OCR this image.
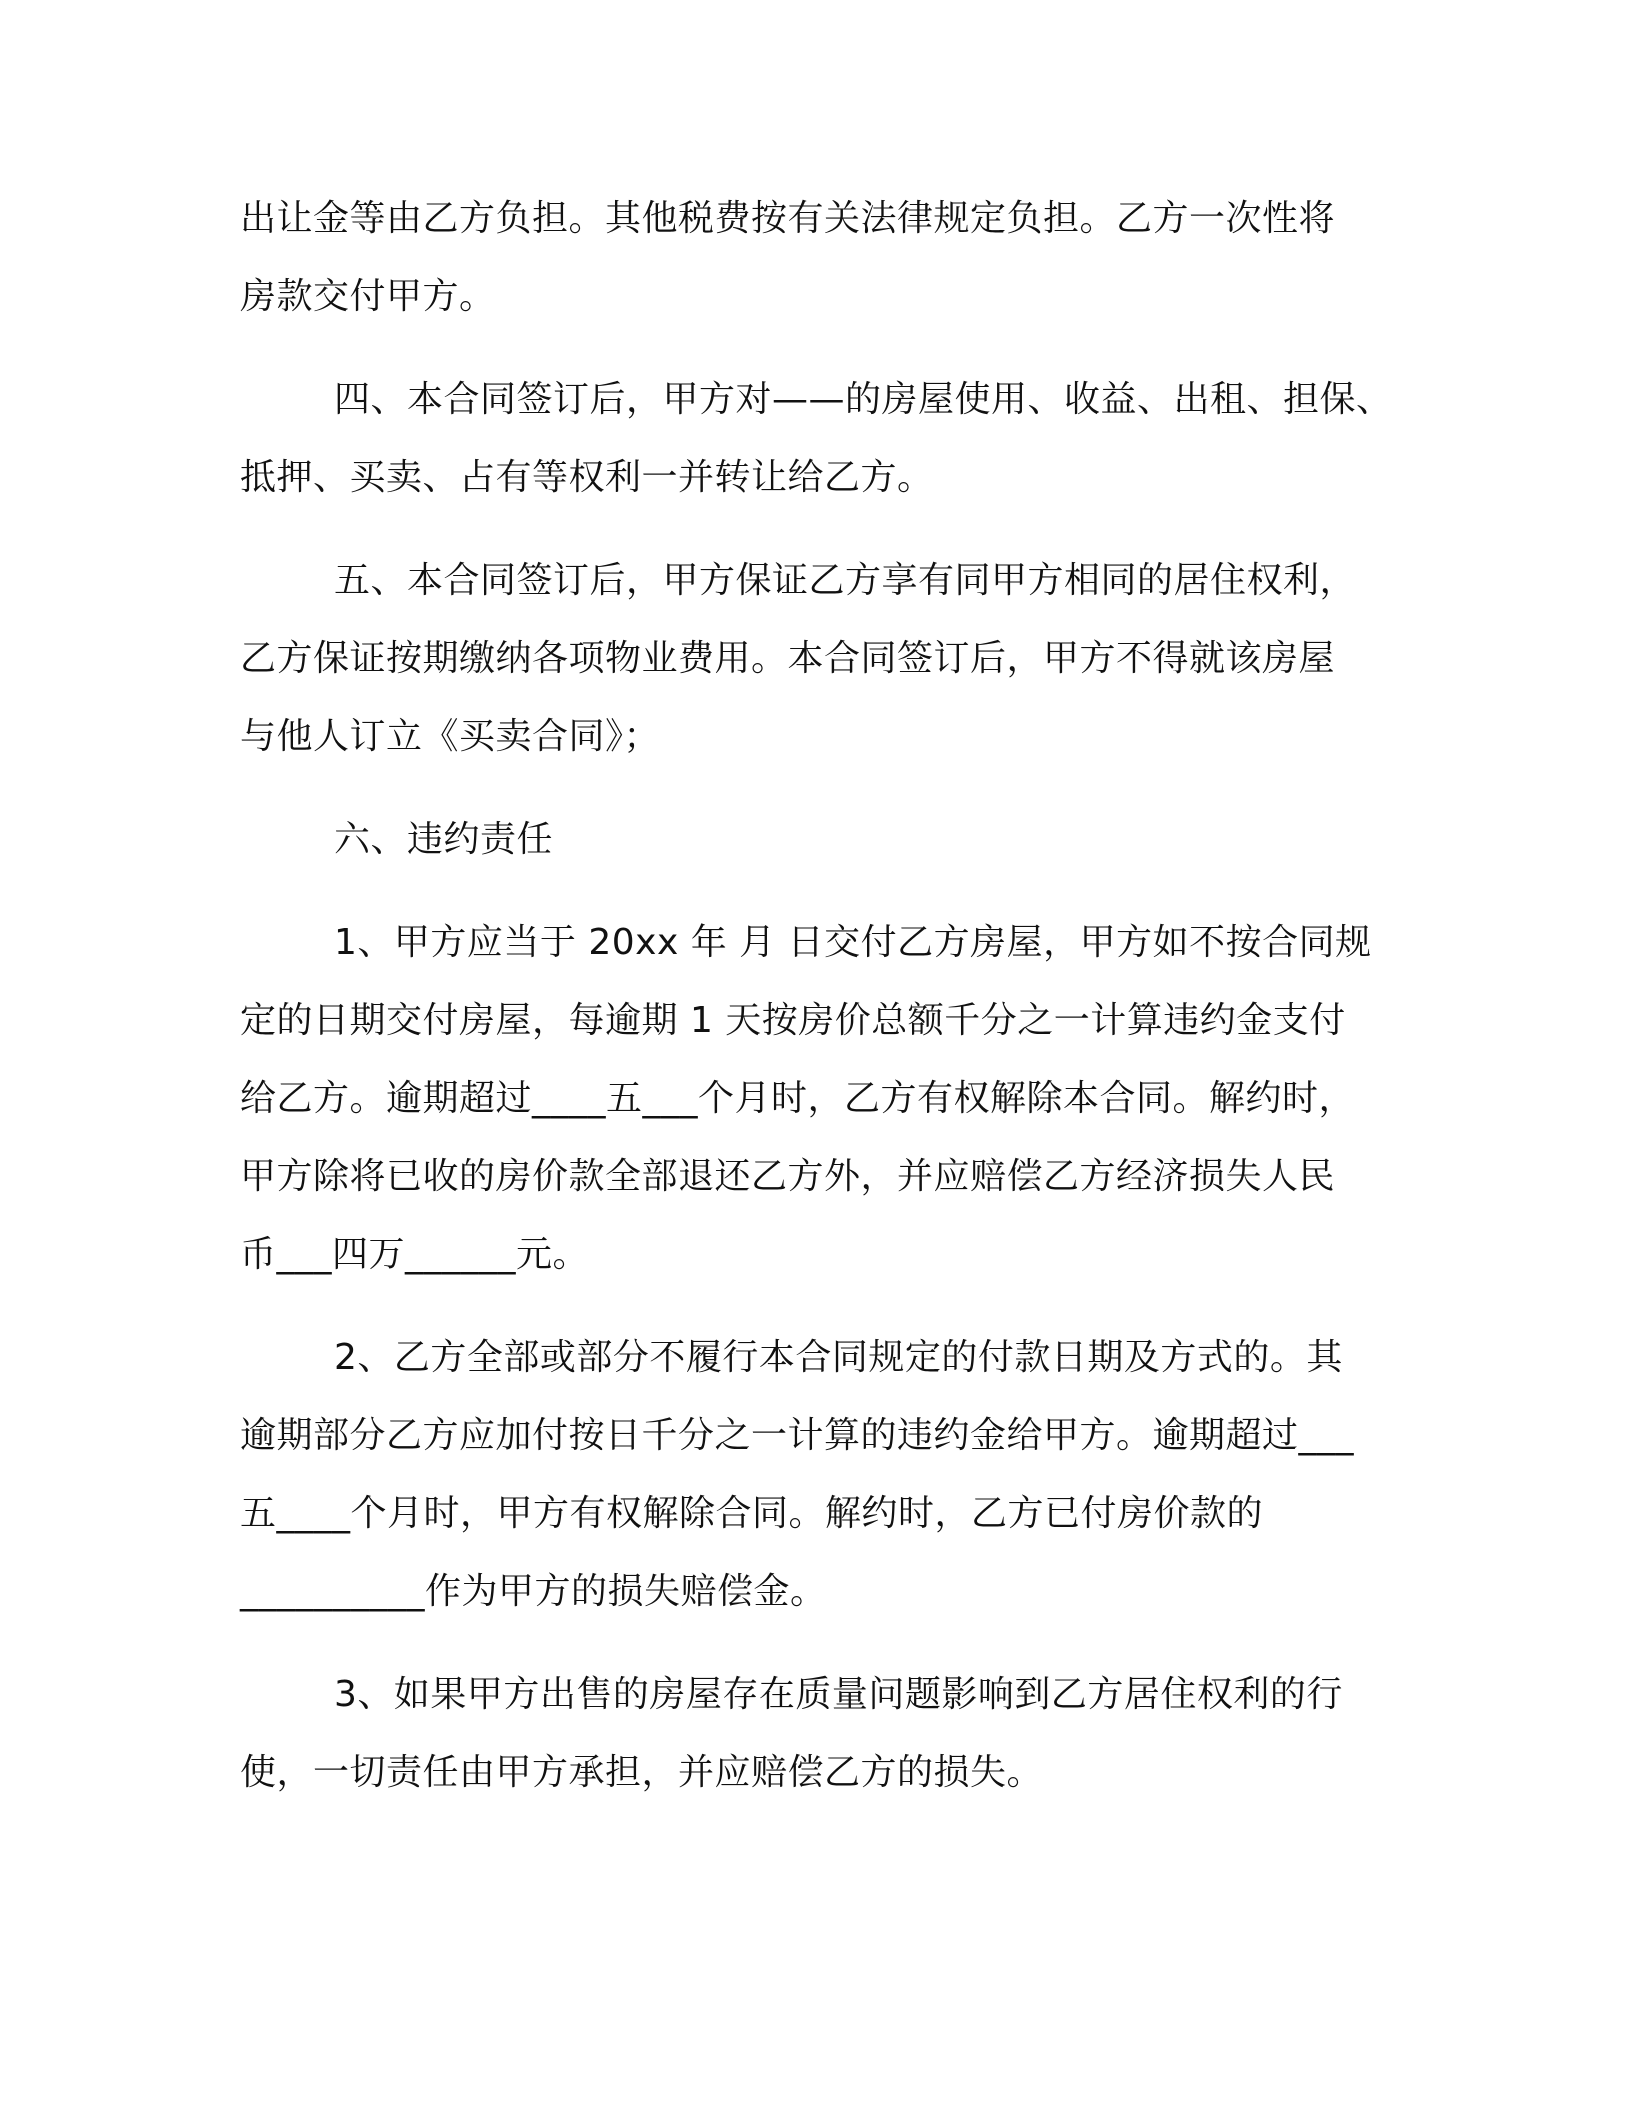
出让金等由乙方负担。其他税费按有关法律规定负担。乙方一次性将
房款交付甲方。
四、本合同签订后，甲方对——的房屋使用、收益、出租、担保、
抵押、买卖、占有等权利一并转让给乙方。
五、本合同签订后，甲方保证乙方享有同甲方相同的居住权利，
乙方保证按期缴纳各项物业费用。本合同签订后，甲方不得就该房屋
与他人订立《买卖合同》；
六、违约责任
1、甲方应当于 20xx 年 月 日交付乙方房屋，甲方如不按合同规
定的日期交付房屋，每逾期 1 天按房价总额千分之一计算违约金支付
给乙方。逾期超过____五___个月时，乙方有权解除本合同。解约时，
甲方除将已收的房价款全部退还乙方外，并应赔偿乙方经济损失人民
币___四万______元。
2、乙方全部或部分不履行本合同规定的付款日期及方式的。其
逾期部分乙方应加付按日千分之一计算的违约金给甲方。逾期超过___
五____个月时，甲方有权解除合同。解约时，乙方已付房价款的
__________作为甲方的损失赔偿金。
3、如果甲方出售的房屋存在质量问题影响到乙方居住权利的行
使，一切责任由甲方承担，并应赔偿乙方的损失。
